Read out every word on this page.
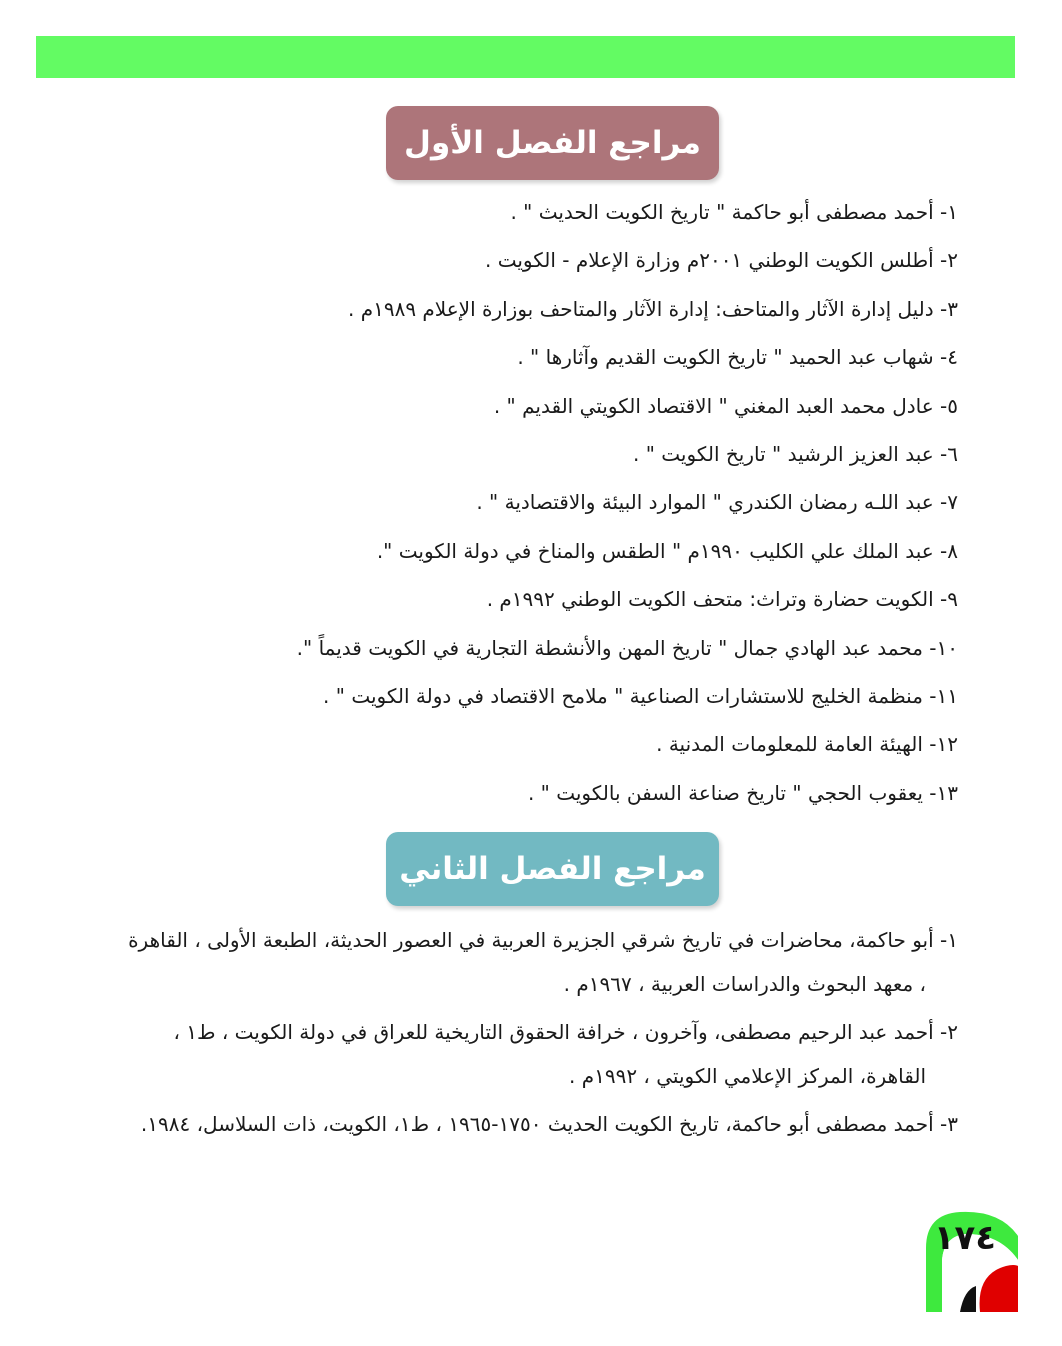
مراجع الفصل الأول
١- أحمد مصطفى أبو حاكمة " تاريخ الكويت الحديث " .
٢- أطلس الكويت الوطني ٢٠٠١م وزارة الإعلام - الكويت .
٣- دليل إدارة الآثار والمتاحف: إدارة الآثار والمتاحف بوزارة الإعلام ١٩٨٩م .
٤- شهاب عبد الحميد " تاريخ الكويت القديم وآثارها " .
٥- عادل محمد العبد المغني " الاقتصاد الكويتي القديم " .
٦- عبد العزيز الرشيد " تاريخ الكويت " .
٧- عبد اللـه رمضان الكندري " الموارد البيئة والاقتصادية " .
٨- عبد الملك علي الكليب ١٩٩٠م " الطقس والمناخ في دولة الكويت ".
٩- الكويت حضارة وتراث: متحف الكويت الوطني ١٩٩٢م .
١٠- محمد عبد الهادي جمال " تاريخ المهن والأنشطة التجارية في الكويت قديماً ".
١١- منظمة الخليج للاستشارات الصناعية " ملامح الاقتصاد في دولة الكويت " .
١٢- الهيئة العامة للمعلومات المدنية .
١٣- يعقوب الحجي " تاريخ صناعة السفن بالكويت " .
مراجع الفصل الثاني
١- أبو حاكمة، محاضرات في تاريخ شرقي الجزيرة العربية في العصور الحديثة، الطبعة الأولى ، القاهرة ، معهد البحوث والدراسات العربية ، ١٩٦٧م .
٢- أحمد عبد الرحيم مصطفى، وآخرون ، خرافة الحقوق التاريخية للعراق في دولة الكويت ، ط١ ، القاهرة، المركز الإعلامي الكويتي ، ١٩٩٢م .
٣- أحمد مصطفى أبو حاكمة، تاريخ الكويت الحديث ١٧٥٠-١٩٦٥ ، ط١، الكويت، ذات السلاسل، ١٩٨٤.
١٧٤
